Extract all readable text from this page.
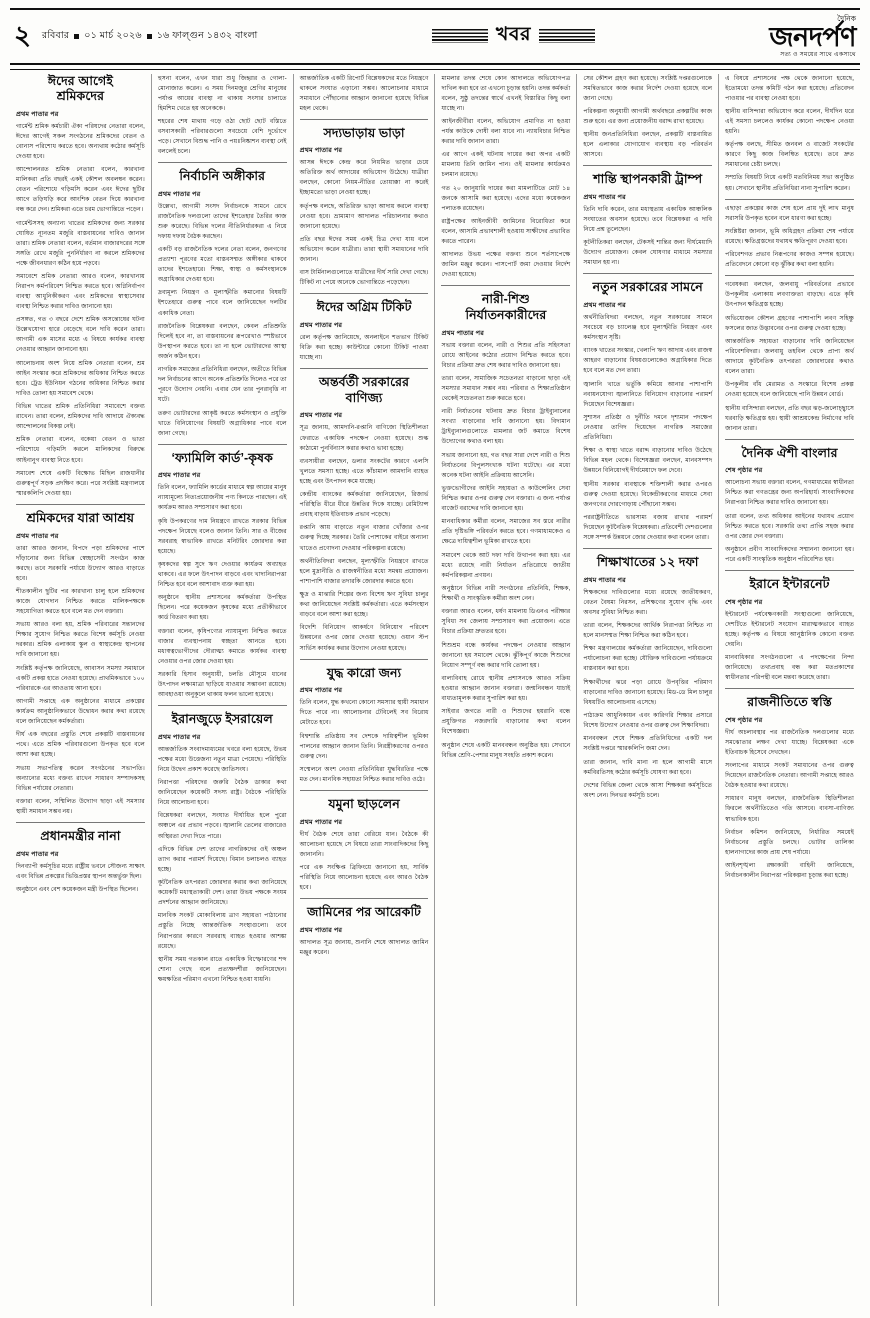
২	রবিবার ০১ মার্চ ২০২৬ ১৬ ফাল্গুন ১৪৩২ বাংলা	খবর
দৈনিক
জনদর্পণ
সত্য ও সময়ের সাথে একসাথে
ঈদের আগেই
শ্রমিকদের
প্রথম পাতার পর

গার্মেন্ট শ্রমিক কর্মচারী ঐক্য পরিষদের নেতারা বলেন, ঈদের আগেই সকল সংগঠনের শ্রমিকদের বেতন ও বোনাস পরিশোধ করতে হবে। অন্যথায় কঠোর কর্মসূচি দেওয়া হবে।

আন্দোলনরত শ্রমিক নেতারা বলেন, কারখানা মালিকরা প্রতি বছরই একই কৌশল অবলম্বন করেন। বেতন পরিশোধে গড়িমসি করেন এবং ঈদের ছুটির আগে তড়িঘড়ি করে আংশিক বেতন দিয়ে কারখানা বন্ধ করে দেন। শ্রমিকরা এতে চরম ভোগান্তিতে পড়েন।

গার্মেন্টসসহ অন্যান্য খাতের শ্রমিকদের জন্য সরকার ঘোষিত ন্যূনতম মজুরি বাস্তবায়নের দাবিও জানান তারা। শ্রমিক নেতারা বলেন, বর্তমান বাজারদরের সঙ্গে সঙ্গতি রেখে মজুরি পুনর্নির্ধারণ না করলে শ্রমিকদের পক্ষে জীবনধারণ কঠিন হয়ে পড়বে।

সমাবেশে শ্রমিক নেতারা আরও বলেন, কারখানায় নিরাপদ কর্মপরিবেশ নিশ্চিত করতে হবে। অগ্নিনির্বাপণ ব্যবস্থা আধুনিকীকরণ এবং শ্রমিকদের স্বাস্থ্যসেবার ব্যবস্থা নিশ্চিত করার দাবিও জানানো হয়।

প্রসঙ্গত, গত ৩ বছরে দেশে শ্রমিক অসন্তোষের ঘটনা উল্লেখযোগ্য হারে বেড়েছে বলে দাবি করেন তারা। আগামী এক মাসের মধ্যে এ বিষয়ে কার্যকর ব্যবস্থা নেওয়ার আহ্বান জানানো হয়।

আলোচনায় অংশ নিয়ে শ্রমিক নেতারা বলেন, শ্রম আইন সংস্কার করে শ্রমিকদের অধিকার নিশ্চিত করতে হবে। ট্রেড ইউনিয়ন গঠনের অধিকার নিশ্চিত করার দাবিও তোলা হয় সমাবেশ থেকে।

বিভিন্ন খাতের শ্রমিক প্রতিনিধিরা সমাবেশে বক্তব্য রাখেন। তারা বলেন, শ্রমিকদের দাবি আদায়ে ঐক্যবদ্ধ আন্দোলনের বিকল্প নেই।

শ্রমিক নেতারা বলেন, বকেয়া বেতন ও ভাতা পরিশোধে গড়িমসি করলে মালিকদের বিরুদ্ধে আইনানুগ ব্যবস্থা নিতে হবে।

সমাবেশ শেষে একটি বিক্ষোভ মিছিল রাজধানীর গুরুত্বপূর্ণ সড়ক প্রদক্ষিণ করে। পরে সংশ্লিষ্ট মন্ত্রণালয়ে স্মারকলিপি দেওয়া হয়।

শ্রমিকদের যারা আশ্রয়
প্রথম পাতার পর

তারা আরও জানান, বিপদে পড়া শ্রমিকদের পাশে দাঁড়ানোর জন্য বিভিন্ন স্বেচ্ছাসেবী সংগঠন কাজ করছে। তবে সরকারি পর্যায়ে উদ্যোগ আরও বাড়াতে হবে।

শীতকালীন ছুটির পর কারখানা চালু হলে শ্রমিকদের কাজে যোগদান নিশ্চিত করতে মালিকপক্ষকে সহযোগিতা করতে হবে বলে মত দেন বক্তারা।

সভায় আরও বলা হয়, শ্রমিক পরিবারের সন্তানদের শিক্ষার সুযোগ নিশ্চিত করতে বিশেষ কর্মসূচি নেওয়া দরকার। শ্রমিক এলাকায় স্কুল ও স্বাস্থ্যকেন্দ্র স্থাপনের দাবি জানানো হয়।

সংশ্লিষ্ট কর্তৃপক্ষ জানিয়েছে, আবাসন সমস্যা সমাধানে একটি প্রকল্প হাতে নেওয়া হয়েছে। প্রাথমিকভাবে ১০০ পরিবারকে এর আওতায় আনা হবে।

আগামী সপ্তাহে এক অনুষ্ঠানের মাধ্যমে প্রকল্পের কার্যক্রম আনুষ্ঠানিকভাবে উদ্বোধন করার কথা রয়েছে বলে জানিয়েছেন কর্মকর্তারা।

দীর্ঘ এক বছরের প্রস্তুতি শেষে প্রকল্পটি বাস্তবায়নের পথে। এতে শ্রমিক পরিবারগুলো উপকৃত হবে বলে আশা করা হচ্ছে।

সভায় সভাপতিত্ব করেন সংগঠনের সভাপতি। অন্যান্যের মধ্যে বক্তব্য রাখেন সাধারণ সম্পাদকসহ বিভিন্ন পর্যায়ের নেতারা।

বক্তারা বলেন, সম্মিলিত উদ্যোগ ছাড়া এই সমস্যার স্থায়ী সমাধান সম্ভব নয়।

প্রধানমন্ত্রীর নানা
প্রথম পাতার পর

দিনব্যাপী কর্মসূচির মধ্যে রাষ্ট্রীয় ভবনে সৌজন্য সাক্ষাৎ এবং বিভিন্ন প্রকল্পের ভিত্তিপ্রস্তর স্থাপন অন্তর্ভুক্ত ছিল।

অনুষ্ঠানে এবং বেশ কয়েকজন মন্ত্রী উপস্থিত ছিলেন।

হুসনা বলেন, এখন যারা শুধু জিহ্বার ও গোলা-মোনাজাত করেন। এ সময় দিনমজুর শ্রেণির মানুষের পর্যাপ্ত আয়ের ব্যবস্থা না থাকায় সংসার চালাতে হিমশিম খেতে হয় অনেককে।

শহরের শেষ মাথায় গড়ে ওঠা ছোট ছোট বস্তিতে বসবাসকারী পরিবারগুলো সবচেয়ে বেশি দুর্ভোগে পড়ে। সেখানে বিশুদ্ধ পানি ও পয়ঃনিষ্কাশন ব্যবস্থা নেই বললেই চলে।

নির্বাচনি অঙ্গীকার
প্রথম পাতার পর

উল্লেখ্য, আগামী সংসদ নির্বাচনকে সামনে রেখে রাজনৈতিক দলগুলো তাদের ইশতেহার তৈরির কাজ শুরু করেছে। বিভিন্ন দলের নীতিনির্ধারকরা এ নিয়ে দফায় দফায় বৈঠক করছেন।

একটি বড় রাজনৈতিক দলের নেতা বলেন, জনগণের প্রত্যাশা পূরণের মতো বাস্তবসম্মত অঙ্গীকার থাকবে তাদের ইশতেহারে। শিক্ষা, স্বাস্থ্য ও কর্মসংস্থানকে অগ্রাধিকার দেওয়া হবে।

দ্রব্যমূল্য নিয়ন্ত্রণ ও মূল্যস্ফীতি কমানোর বিষয়টি ইশতেহারে গুরুত্ব পাবে বলে জানিয়েছেন দলটির একাধিক নেতা।

রাজনৈতিক বিশ্লেষকরা বলছেন, কেবল প্রতিশ্রুতি দিলেই হবে না, তা বাস্তবায়নের রূপরেখাও স্পষ্টভাবে উপস্থাপন করতে হবে। তা না হলে ভোটারদের আস্থা অর্জন কঠিন হবে।

নাগরিক সমাজের প্রতিনিধিরা বলছেন, অতীতে বিভিন্ন দল নির্বাচনের আগে অনেক প্রতিশ্রুতি দিলেও পরে তা পূরণে উদ্যোগ নেয়নি। এবার যেন তার পুনরাবৃত্তি না ঘটে।

তরুণ ভোটারদের আকৃষ্ট করতে কর্মসংস্থান ও প্রযুক্তি খাতে বিনিয়োগের বিষয়টি অগ্রাধিকার পাবে বলে জানা গেছে।

‘ফ্যামিলি কার্ড’-কৃষক
প্রথম পাতার পর

তিনি বলেন, ফ্যামিলি কার্ডের মাধ্যমে স্বল্প আয়ের মানুষ ন্যায্যমূল্যে নিত্যপ্রয়োজনীয় পণ্য কিনতে পারছেন। এই কার্যক্রম আরও সম্প্রসারণ করা হবে।

কৃষি উপকরণের দাম নিয়ন্ত্রণে রাখতে সরকার বিভিন্ন পদক্ষেপ নিয়েছে বলেও জানান তিনি। সার ও বীজের সরবরাহ স্বাভাবিক রাখতে মনিটরিং জোরদার করা হয়েছে।

কৃষকদের স্বল্প সুদে ঋণ দেওয়ার কার্যক্রম অব্যাহত থাকবে। এর ফলে উৎপাদন বাড়বে এবং খাদ্যনিরাপত্তা নিশ্চিত হবে বলে আশাবাদ ব্যক্ত করা হয়।

অনুষ্ঠানে স্থানীয় প্রশাসনের কর্মকর্তারা উপস্থিত ছিলেন। পরে কয়েকজন কৃষকের মধ্যে প্রতীকীভাবে কার্ড বিতরণ করা হয়।

বক্তারা বলেন, কৃষিপণ্যের ন্যায্যমূল্য নিশ্চিত করতে বাজার ব্যবস্থাপনায় স্বচ্ছতা আনতে হবে। মধ্যস্বত্বভোগীদের দৌরাত্ম্য কমাতে কার্যকর ব্যবস্থা নেওয়ার ওপর জোর দেওয়া হয়।

সরকারি হিসাব অনুযায়ী, চলতি মৌসুমে ধানের উৎপাদন লক্ষ্যমাত্রা ছাড়িয়ে যাওয়ার সম্ভাবনা রয়েছে। আবহাওয়া অনুকূলে থাকায় ফলন ভালো হয়েছে।

ইরানজুড়ে ইসরায়েল
প্রথম পাতার পর

আন্তর্জাতিক সংবাদমাধ্যমের খবরে বলা হয়েছে, উভয় পক্ষের মধ্যে উত্তেজনা নতুন মাত্রা পেয়েছে। পরিস্থিতি নিয়ে উদ্বেগ প্রকাশ করেছে জাতিসংঘ।

নিরাপত্তা পরিষদের জরুরি বৈঠক ডাকার কথা জানিয়েছেন কয়েকটি সদস্য রাষ্ট্র। বৈঠকে পরিস্থিতি নিয়ে আলোচনা হবে।

বিশ্লেষকরা বলছেন, সংঘাত দীর্ঘায়িত হলে পুরো অঞ্চলে এর প্রভাব পড়বে। জ্বালানি তেলের বাজারেও অস্থিরতা দেখা দিতে পারে।

এদিকে বিভিন্ন দেশ তাদের নাগরিকদের ওই অঞ্চল ত্যাগ করার পরামর্শ দিয়েছে। বিমান চলাচলও ব্যাহত হচ্ছে।

কূটনৈতিক তৎপরতা জোরদার করার কথা জানিয়েছে কয়েকটি মধ্যস্থতাকারী দেশ। তারা উভয় পক্ষকে সংযম প্রদর্শনের আহ্বান জানিয়েছে।

মানবিক সংকট মোকাবিলায় ত্রাণ সহায়তা পাঠানোর প্রস্তুতি নিচ্ছে আন্তর্জাতিক সংস্থাগুলো। তবে নিরাপত্তার কারণে সরবরাহ ব্যাহত হওয়ার আশঙ্কা রয়েছে।

স্থানীয় সময় গতকাল রাতে একাধিক বিস্ফোরণের শব্দ শোনা গেছে বলে প্রত্যক্ষদর্শীরা জানিয়েছেন। ক্ষয়ক্ষতির পরিমাণ এখনো নিশ্চিত হওয়া যায়নি।

আন্তর্জাতিক একটি রিপোর্ট বিশ্লেষকদের মতে নিয়ন্ত্রণে থাকলে সংঘাত এড়ানো সম্ভব। আলোচনার মাধ্যমে সমাধানে পৌঁছানোর আহ্বান জানানো হয়েছে বিভিন্ন মহল থেকে।

সদ্যভাড়ায় ভাড়া
প্রথম পাতার পর

আসন্ন ঈদকে কেন্দ্র করে নিয়মিত ভাড়ার চেয়ে অতিরিক্ত অর্থ আদায়ের অভিযোগ উঠেছে। যাত্রীরা বলছেন, কোনো নিয়ম-নীতির তোয়াক্কা না করেই ইচ্ছামতো ভাড়া নেওয়া হচ্ছে।

কর্তৃপক্ষ বলছে, অতিরিক্ত ভাড়া আদায় করলে ব্যবস্থা নেওয়া হবে। ভ্রাম্যমাণ আদালত পরিচালনার কথাও জানানো হয়েছে।

প্রতি বছর ঈদের সময় একই চিত্র দেখা যায় বলে অভিযোগ করেন যাত্রীরা। তারা স্থায়ী সমাধানের দাবি জানান।

বাস টার্মিনালগুলোতে যাত্রীদের দীর্ঘ সারি দেখা গেছে। টিকিট না পেয়ে অনেকে ভোগান্তিতে পড়েছেন।

ঈদের অগ্রিম টিকিট
প্রথম পাতার পর

রেল কর্তৃপক্ষ জানিয়েছে, অনলাইনে শতভাগ টিকিট বিক্রি করা হচ্ছে। কাউন্টারে কোনো টিকিট পাওয়া যাচ্ছে না।

অন্তর্বর্তী সরকারের
বাণিজ্য
প্রথম পাতার পর

সূত্র জানায়, আমদানি-রপ্তানি বাণিজ্যে স্থিতিশীলতা ফেরাতে একাধিক পদক্ষেপ নেওয়া হয়েছে। শুল্ক কাঠামো পুনর্বিন্যাস করার কথাও ভাবা হচ্ছে।

ব্যবসায়ীরা বলছেন, ডলার সংকটের কারণে এলসি খুলতে সমস্যা হচ্ছে। এতে কাঁচামাল আমদানি ব্যাহত হচ্ছে এবং উৎপাদন কমে যাচ্ছে।

কেন্দ্রীয় ব্যাংকের কর্মকর্তারা জানিয়েছেন, রিজার্ভ পরিস্থিতি ধীরে ধীরে উন্নতির দিকে যাচ্ছে। রেমিট্যান্স প্রবাহ বাড়ায় ইতিবাচক প্রভাব পড়েছে।

রপ্তানি আয় বাড়াতে নতুন বাজার খোঁজার ওপর গুরুত্ব দিচ্ছে সরকার। তৈরি পোশাকের বাইরে অন্যান্য খাতেও প্রণোদনা দেওয়ার পরিকল্পনা রয়েছে।

অর্থনীতিবিদরা বলছেন, মূল্যস্ফীতি নিয়ন্ত্রণে রাখতে হলে মুদ্রানীতি ও রাজস্বনীতির মধ্যে সমন্বয় প্রয়োজন। পাশাপাশি বাজার তদারকি জোরদার করতে হবে।

ক্ষুদ্র ও মাঝারি শিল্পের জন্য বিশেষ ঋণ সুবিধা চালুর কথা জানিয়েছেন সংশ্লিষ্ট কর্মকর্তারা। এতে কর্মসংস্থান বাড়বে বলে আশা করা হচ্ছে।

বিদেশি বিনিয়োগ আকর্ষণে বিনিয়োগ পরিবেশ উন্নয়নের ওপর জোর দেওয়া হয়েছে। ওয়ান স্টপ সার্ভিস কার্যকর করার উদ্যোগ নেওয়া হয়েছে।

যুদ্ধ কারো জন্য
প্রথম পাতার পর

তিনি বলেন, যুদ্ধ কখনো কোনো সমস্যার স্থায়ী সমাধান দিতে পারে না। আলোচনার টেবিলেই সব বিরোধ মেটাতে হবে।

বিশ্বশান্তি প্রতিষ্ঠায় সব দেশকে দায়িত্বশীল ভূমিকা পালনের আহ্বান জানান তিনি। নিরস্ত্রীকরণের ওপরও গুরুত্ব দেন।

সম্মেলনে অংশ নেওয়া প্রতিনিধিরা যুদ্ধবিরতির পক্ষে মত দেন। মানবিক সহায়তা নিশ্চিত করার দাবিও ওঠে।

যমুনা ছাড়লেন
প্রথম পাতার পর

দীর্ঘ বৈঠক শেষে তারা বেরিয়ে যান। বৈঠকে কী আলোচনা হয়েছে সে বিষয়ে তারা সাংবাদিকদের কিছু জানাননি।

পরে এক সংক্ষিপ্ত ব্রিফিংয়ে জানানো হয়, সার্বিক পরিস্থিতি নিয়ে আলোচনা হয়েছে এবং আরও বৈঠক হবে।

জামিনের পর আরেকটি
প্রথম পাতার পর

আদালত সূত্র জানায়, শুনানি শেষে আদালত জামিন মঞ্জুর করেন।

মামলার তদন্ত শেষে কোন আদালতে অভিযোগপত্র দাখিল করা হবে তা এখনো চূড়ান্ত হয়নি। তদন্ত কর্মকর্তা বলেন, সুষ্ঠু তদন্তের স্বার্থে এখনই বিস্তারিত কিছু বলা যাচ্ছে না।

আইনজীবীরা বলেন, অভিযোগ প্রমাণিত না হওয়া পর্যন্ত কাউকে দোষী বলা যাবে না। ন্যায়বিচার নিশ্চিত করার দাবি জানান তারা।

এর আগে একই ঘটনায় দায়ের করা অপর একটি মামলায় তিনি জামিন পান। ওই মামলার কার্যক্রমও চলমান রয়েছে।

গত ২০ জানুয়ারি দায়ের করা মামলাটিতে মোট ১৪ জনকে আসামি করা হয়েছে। এদের মধ্যে কয়েকজন পলাতক রয়েছেন।

রাষ্ট্রপক্ষের আইনজীবী জামিনের বিরোধিতা করে বলেন, আসামি প্রভাবশালী হওয়ায় সাক্ষীদের প্রভাবিত করতে পারেন।

আদালত উভয় পক্ষের বক্তব্য শুনে শর্তসাপেক্ষে জামিন মঞ্জুর করেন। পাসপোর্ট জমা দেওয়ার নির্দেশ দেওয়া হয়েছে।

নারী-শিশু নির্যাতনকারীদের
প্রথম পাতার পর

সভায় বক্তারা বলেন, নারী ও শিশুর প্রতি সহিংসতা রোধে আইনের কঠোর প্রয়োগ নিশ্চিত করতে হবে। বিচার প্রক্রিয়া দ্রুত শেষ করার দাবিও জানানো হয়।

তারা বলেন, সামাজিক সচেতনতা বাড়ানো ছাড়া এই সমস্যার সমাধান সম্ভব নয়। পরিবার ও শিক্ষাপ্রতিষ্ঠান থেকেই সচেতনতা শুরু করতে হবে।

নারী নির্যাতনের ঘটনায় দ্রুত বিচার ট্রাইব্যুনালের সংখ্যা বাড়ানোর দাবি জানানো হয়। বিদ্যমান ট্রাইব্যুনালগুলোতে মামলার জট কমাতে বিশেষ উদ্যোগের কথাও বলা হয়।

সভায় জানানো হয়, গত বছর সারা দেশে নারী ও শিশু নির্যাতনের বিপুলসংখ্যক ঘটনা ঘটেছে। এর মধ্যে অনেক ঘটনা আইনি প্রক্রিয়ায় আসেনি।

ভুক্তভোগীদের আইনি সহায়তা ও কাউন্সেলিং সেবা নিশ্চিত করার ওপর গুরুত্ব দেন বক্তারা। এ জন্য পর্যাপ্ত বাজেট বরাদ্দের দাবি জানানো হয়।

মানবাধিকার কর্মীরা বলেন, সমাজের সব স্তরে নারীর প্রতি দৃষ্টিভঙ্গি পরিবর্তন করতে হবে। গণমাধ্যমকেও এ ক্ষেত্রে দায়িত্বশীল ভূমিকা রাখতে হবে।

সমাবেশ থেকে আট দফা দাবি উত্থাপন করা হয়। এর মধ্যে রয়েছে নারী নির্যাতন প্রতিরোধে জাতীয় কর্মপরিকল্পনা প্রণয়ন।

অনুষ্ঠানে বিভিন্ন নারী সংগঠনের প্রতিনিধি, শিক্ষক, শিক্ষার্থী ও সাংস্কৃতিক কর্মীরা অংশ নেন।

বক্তারা আরও বলেন, ধর্ষণ মামলায় ডিএনএ পরীক্ষার সুবিধা সব জেলায় সম্প্রসারণ করা প্রয়োজন। এতে বিচার প্রক্রিয়া দ্রুততর হবে।

শিশুশ্রম বন্ধে কার্যকর পদক্ষেপ নেওয়ার আহ্বান জানানো হয় সমাবেশ থেকে। ঝুঁকিপূর্ণ কাজে শিশুদের নিয়োগ সম্পূর্ণ বন্ধ করার দাবি তোলা হয়।

বাল্যবিবাহ রোধে স্থানীয় প্রশাসনকে আরও সক্রিয় হওয়ার আহ্বান জানান বক্তারা। জন্মনিবন্ধন যাচাই বাধ্যতামূলক করার সুপারিশ করা হয়।

সাইবার জগতে নারী ও শিশুদের হয়রানি বন্ধে প্রযুক্তিগত নজরদারি বাড়ানোর কথা বলেন বিশেষজ্ঞরা।

অনুষ্ঠান শেষে একটি মানববন্ধন অনুষ্ঠিত হয়। সেখানে বিভিন্ন শ্রেণি-পেশার মানুষ সংহতি প্রকাশ করেন।

সের কৌশল গ্রহণ করা হয়েছে। সংশ্লিষ্ট দপ্তরগুলোকে সমন্বিতভাবে কাজ করার নির্দেশ দেওয়া হয়েছে বলে জানা গেছে।

পরিকল্পনা অনুযায়ী আগামী অর্থবছরে প্রকল্পটির কাজ শুরু হবে। এর জন্য প্রয়োজনীয় বরাদ্দ রাখা হয়েছে।

স্থানীয় জনপ্রতিনিধিরা বলছেন, প্রকল্পটি বাস্তবায়িত হলে এলাকার যোগাযোগ ব্যবস্থায় বড় পরিবর্তন আসবে।

শান্তি স্থাপনকারী ট্রাম্প
প্রথম পাতার পর

তিনি দাবি করেন, তার মধ্যস্থতায় একাধিক আঞ্চলিক সংঘাতের অবসান হয়েছে। তবে বিশ্লেষকরা এ দাবি নিয়ে প্রশ্ন তুলেছেন।

কূটনীতিকরা বলছেন, টেকসই শান্তির জন্য দীর্ঘমেয়াদি উদ্যোগ প্রয়োজন। কেবল ঘোষণার মাধ্যমে সমস্যার সমাধান হয় না।

নতুন সরকারের সামনে
প্রথম পাতার পর

অর্থনীতিবিদরা বলছেন, নতুন সরকারের সামনে সবচেয়ে বড় চ্যালেঞ্জ হবে মূল্যস্ফীতি নিয়ন্ত্রণ এবং কর্মসংস্থান সৃষ্টি।

ব্যাংক খাতের সংস্কার, খেলাপি ঋণ আদায় এবং রাজস্ব আহরণ বাড়ানোর বিষয়গুলোকেও অগ্রাধিকার দিতে হবে বলে মত দেন তারা।

জ্বালানি খাতে ভর্তুকি কমিয়ে আনার পাশাপাশি নবায়নযোগ্য জ্বালানিতে বিনিয়োগ বাড়ানোর পরামর্শ দিয়েছেন বিশেষজ্ঞরা।

সুশাসন প্রতিষ্ঠা ও দুর্নীতি দমনে দৃশ্যমান পদক্ষেপ নেওয়ার তাগিদ দিয়েছেন নাগরিক সমাজের প্রতিনিধিরা।

শিক্ষা ও স্বাস্থ্য খাতে বরাদ্দ বাড়ানোর দাবিও উঠেছে বিভিন্ন মহল থেকে। বিশেষজ্ঞরা বলছেন, মানবসম্পদ উন্নয়নে বিনিয়োগই দীর্ঘমেয়াদে ফল দেবে।

স্থানীয় সরকার ব্যবস্থাকে শক্তিশালী করার ওপরও গুরুত্ব দেওয়া হয়েছে। বিকেন্দ্রীকরণের মাধ্যমে সেবা জনগণের দোরগোড়ায় পৌঁছানো সম্ভব।

পররাষ্ট্রনীতিতে ভারসাম্য বজায় রাখার পরামর্শ দিয়েছেন কূটনৈতিক বিশ্লেষকরা। প্রতিবেশী দেশগুলোর সঙ্গে সম্পর্ক উন্নয়নে জোর দেওয়ার কথা বলেন তারা।

শিক্ষাখাতের ১২ দফা
প্রথম পাতার পর

শিক্ষকদের দাবিগুলোর মধ্যে রয়েছে জাতীয়করণ, বেতন বৈষম্য নিরসন, প্রশিক্ষণের সুযোগ বৃদ্ধি এবং অবসর সুবিধা নিশ্চিত করা।

তারা বলেন, শিক্ষকদের আর্থিক নিরাপত্তা নিশ্চিত না হলে মানসম্মত শিক্ষা নিশ্চিত করা কঠিন হবে।

শিক্ষা মন্ত্রণালয়ের কর্মকর্তারা জানিয়েছেন, দাবিগুলো পর্যালোচনা করা হচ্ছে। যৌক্তিক দাবিগুলো পর্যায়ক্রমে বাস্তবায়ন করা হবে।

শিক্ষার্থীদের ঝরে পড়া রোধে উপবৃত্তির পরিমাণ বাড়ানোর দাবিও জানানো হয়েছে। মিড-ডে মিল চালুর বিষয়টিও আলোচনায় এসেছে।

পাঠ্যক্রম আধুনিকায়ন এবং কারিগরি শিক্ষার প্রসারে বিশেষ উদ্যোগ নেওয়ার ওপর গুরুত্ব দেন শিক্ষাবিদরা।

মানববন্ধন শেষে শিক্ষক প্রতিনিধিদের একটি দল সংশ্লিষ্ট দপ্তরে স্মারকলিপি জমা দেন।

তারা জানান, দাবি মানা না হলে আগামী মাসে কর্মবিরতিসহ কঠোর কর্মসূচি ঘোষণা করা হবে।

দেশের বিভিন্ন জেলা থেকে আসা শিক্ষকরা কর্মসূচিতে অংশ নেন। দিনভর কর্মসূচি চলে।

এ বিষয়ে প্রশাসনের পক্ষ থেকে জানানো হয়েছে, ইতোমধ্যে তদন্ত কমিটি গঠন করা হয়েছে। প্রতিবেদন পাওয়ার পর ব্যবস্থা নেওয়া হবে।

স্থানীয় বাসিন্দারা অভিযোগ করে বলেন, দীর্ঘদিন ধরে এই সমস্যা চললেও কার্যকর কোনো পদক্ষেপ নেওয়া হয়নি।

কর্তৃপক্ষ বলছে, সীমিত জনবল ও বাজেট সংকটের কারণে কিছু কাজ বিলম্বিত হয়েছে। তবে দ্রুত সমাধানের চেষ্টা চলছে।

সম্প্রতি বিষয়টি নিয়ে একটি মতবিনিময় সভা অনুষ্ঠিত হয়। সেখানে স্থানীয় প্রতিনিধিরা নানা সুপারিশ করেন।

এছাড়া প্রকল্পের কাজ শেষ হলে প্রায় দুই লাখ মানুষ সরাসরি উপকৃত হবেন বলে ধারণা করা হচ্ছে।

সংশ্লিষ্টরা জানান, ভূমি অধিগ্রহণ প্রক্রিয়া শেষ পর্যায়ে রয়েছে। ক্ষতিগ্রস্তদের যথাযথ ক্ষতিপূরণ দেওয়া হবে।

পরিবেশগত প্রভাব নিরূপণের কাজও সম্পন্ন হয়েছে। প্রতিবেদনে কোনো বড় ঝুঁকির কথা বলা হয়নি।

গবেষকরা বলছেন, জলবায়ু পরিবর্তনের প্রভাবে উপকূলীয় এলাকায় লবণাক্ততা বাড়ছে। এতে কৃষি উৎপাদন ক্ষতিগ্রস্ত হচ্ছে।

অভিযোজন কৌশল গ্রহণের পাশাপাশি লবণ সহিষ্ণু ফসলের জাত উদ্ভাবনের ওপর গুরুত্ব দেওয়া হচ্ছে।

আন্তর্জাতিক সহায়তা বাড়ানোর দাবি জানিয়েছেন পরিবেশবিদরা। জলবায়ু তহবিল থেকে প্রাপ্য অর্থ আদায়ে কূটনৈতিক তৎপরতা জোরদারের কথাও বলেন তারা।

উপকূলীয় বাঁধ মেরামত ও সংস্কারে বিশেষ প্রকল্প নেওয়া হয়েছে বলে জানিয়েছে পানি উন্নয়ন বোর্ড।

স্থানীয় বাসিন্দারা বলছেন, প্রতি বছর ঝড়-জলোচ্ছ্বাসে ঘরবাড়ি ক্ষতিগ্রস্ত হয়। স্থায়ী আশ্রয়কেন্দ্র নির্মাণের দাবি জানান তারা।

দৈনিক ঐশী বাংলার
শেষ পৃষ্ঠার পর

আলোচনা সভায় বক্তারা বলেন, গণমাধ্যমের স্বাধীনতা নিশ্চিত করা গণতন্ত্রের জন্য অপরিহার্য। সাংবাদিকদের নিরাপত্তা নিশ্চিত করার দাবিও জানানো হয়।

তারা বলেন, তথ্য অধিকার আইনের যথাযথ প্রয়োগ নিশ্চিত করতে হবে। সরকারি তথ্য প্রাপ্তি সহজ করার ওপর জোর দেন বক্তারা।

অনুষ্ঠানে প্রবীণ সাংবাদিকদের সম্মাননা জানানো হয়। পরে একটি সাংস্কৃতিক অনুষ্ঠান পরিবেশিত হয়।

ইরানে ইন্টারনেট
শেষ পৃষ্ঠার পর

ইন্টারনেট পর্যবেক্ষণকারী সংস্থাগুলো জানিয়েছে, দেশটিতে ইন্টারনেট সংযোগ মারাত্মকভাবে ব্যাহত হচ্ছে। কর্তৃপক্ষ এ বিষয়ে আনুষ্ঠানিক কোনো বক্তব্য দেয়নি।

মানবাধিকার সংগঠনগুলো এ পদক্ষেপের নিন্দা জানিয়েছে। তথ্যপ্রবাহ বন্ধ করা মতপ্রকাশের স্বাধীনতার পরিপন্থী বলে মন্তব্য করেছে তারা।

রাজনীতিতে স্বস্তি
শেষ পৃষ্ঠার পর

দীর্ঘ অচলাবস্থার পর রাজনৈতিক দলগুলোর মধ্যে সমঝোতার লক্ষণ দেখা যাচ্ছে। বিশ্লেষকরা একে ইতিবাচক হিসেবে দেখছেন।

সংলাপের মাধ্যমে সংকট সমাধানের ওপর গুরুত্ব দিয়েছেন রাজনৈতিক নেতারা। আগামী সপ্তাহে আরও বৈঠক হওয়ার কথা রয়েছে।

সাধারণ মানুষ বলছেন, রাজনৈতিক স্থিতিশীলতা ফিরলে অর্থনীতিতেও গতি আসবে। ব্যবসা-বাণিজ্য স্বাভাবিক হবে।

নির্বাচন কমিশন জানিয়েছে, নির্ধারিত সময়েই নির্বাচনের প্রস্তুতি চলছে। ভোটার তালিকা হালনাগাদের কাজ প্রায় শেষ পর্যায়ে।

আইনশৃঙ্খলা রক্ষাকারী বাহিনী জানিয়েছে, নির্বাচনকালীন নিরাপত্তা পরিকল্পনা চূড়ান্ত করা হচ্ছে।
